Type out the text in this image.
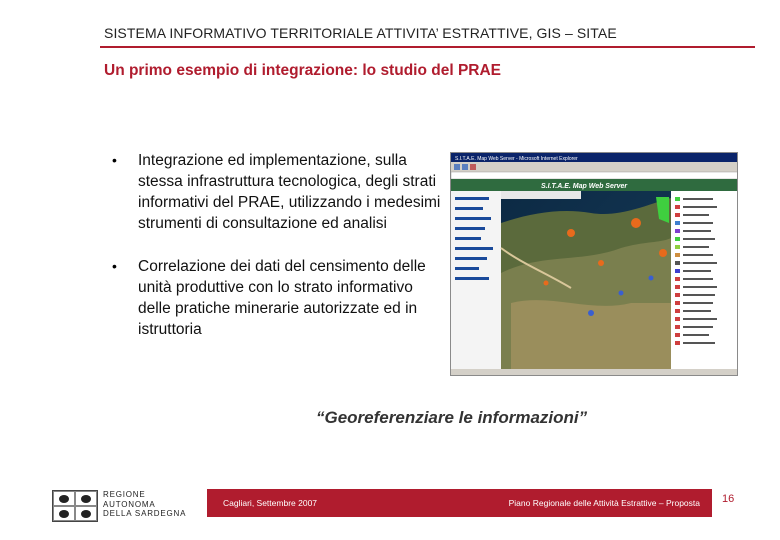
SISTEMA INFORMATIVO TERRITORIALE ATTIVITA’ ESTRATTIVE, GIS – SITAE
Un primo esempio di integrazione: lo studio del PRAE
•	Integrazione ed implementazione, sulla stessa infrastruttura tecnologica, degli strati informativi del PRAE, utilizzando i medesimi strumenti di consultazione ed analisi
•	Correlazione dei dati del censimento delle unità produttive con lo strato informativo delle pratiche minerarie autorizzate ed in istruttoria
S.I.T.A.E. Map Web Server - Microsoft Internet Explorer
S.I.T.A.E. Map Web Server
“Georeferenziare le informazioni”
REGIONE
AUTONOMA
DELLA SARDEGNA
Cagliari, Settembre 2007	Piano Regionale delle Attività Estrattive – Proposta 16
